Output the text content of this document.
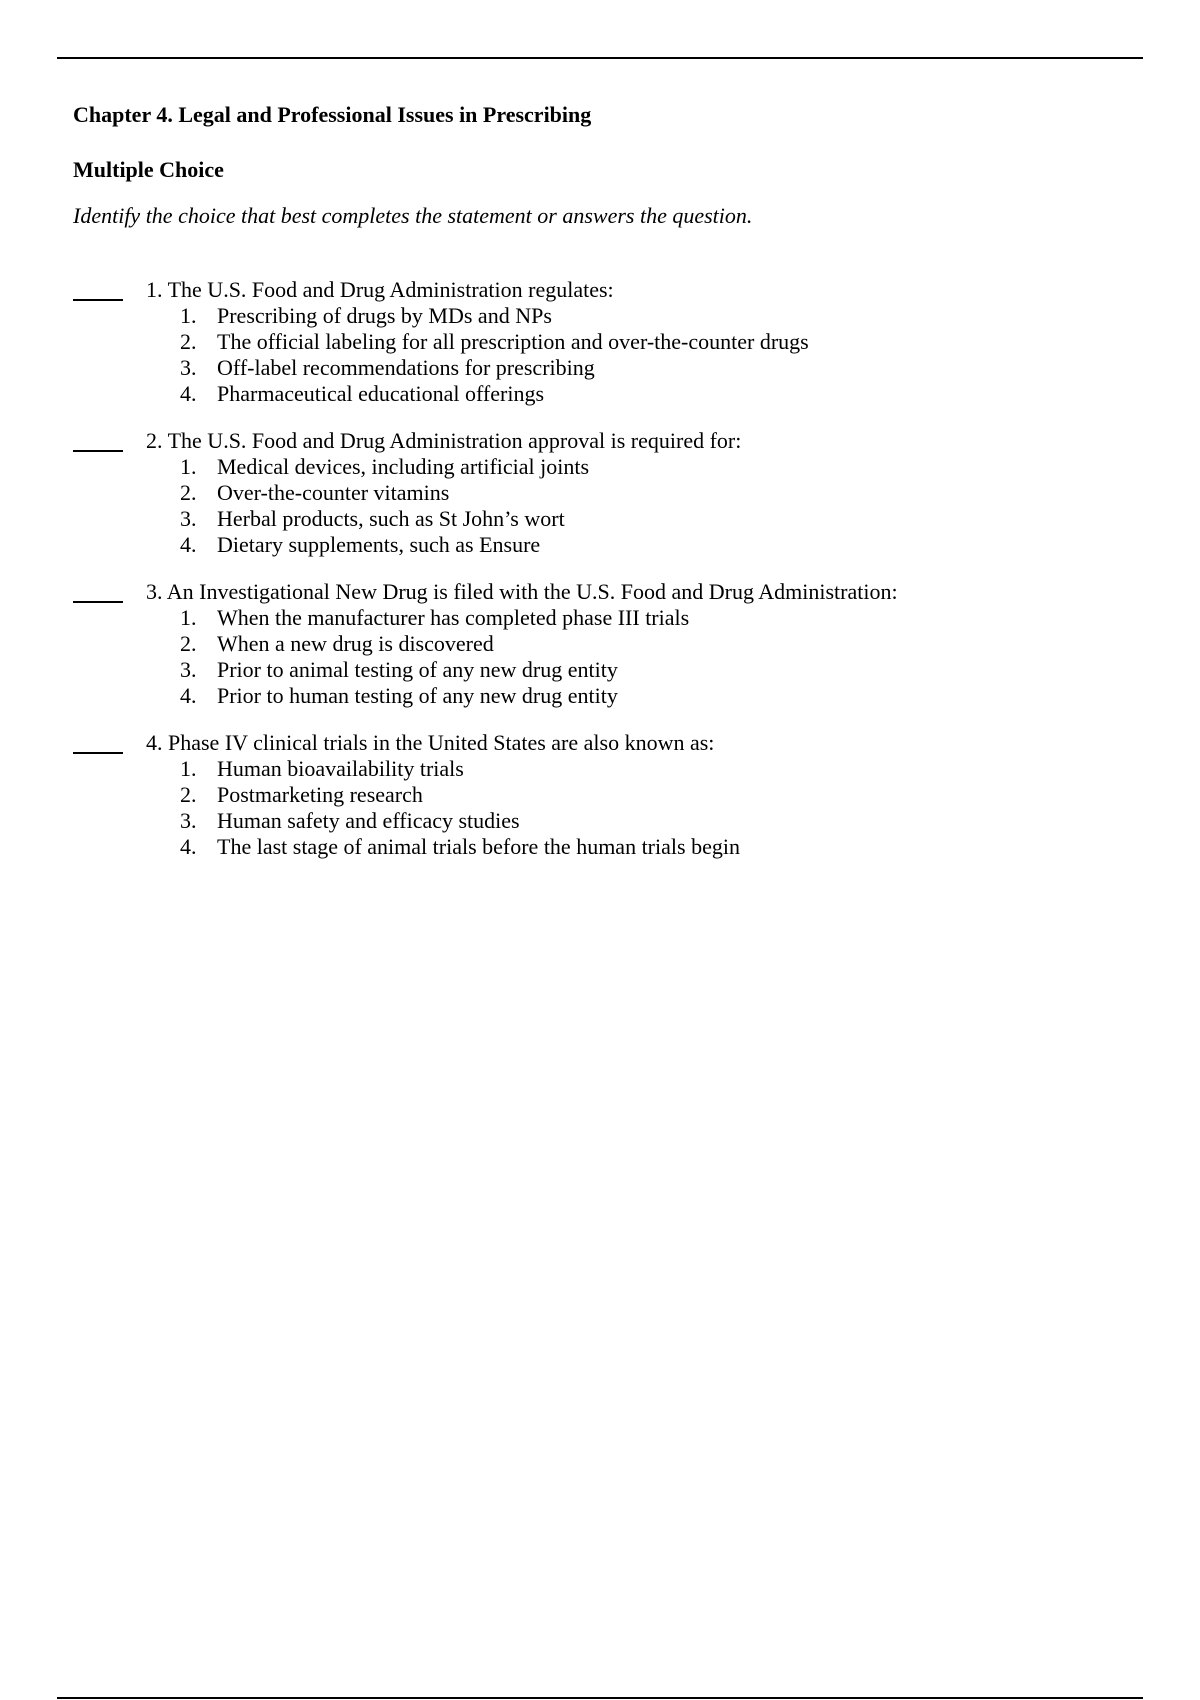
Chapter 4. Legal and Professional Issues in Prescribing
Multiple Choice
Identify the choice that best completes the statement or answers the question.
1. The U.S. Food and Drug Administration regulates:
1. Prescribing of drugs by MDs and NPs
2. The official labeling for all prescription and over-the-counter drugs
3. Off-label recommendations for prescribing
4. Pharmaceutical educational offerings
2. The U.S. Food and Drug Administration approval is required for:
1. Medical devices, including artificial joints
2. Over-the-counter vitamins
3. Herbal products, such as St John’s wort
4. Dietary supplements, such as Ensure
3. An Investigational New Drug is filed with the U.S. Food and Drug Administration:
1. When the manufacturer has completed phase III trials
2. When a new drug is discovered
3. Prior to animal testing of any new drug entity
4. Prior to human testing of any new drug entity
4. Phase IV clinical trials in the United States are also known as:
1. Human bioavailability trials
2. Postmarketing research
3. Human safety and efficacy studies
4. The last stage of animal trials before the human trials begin
